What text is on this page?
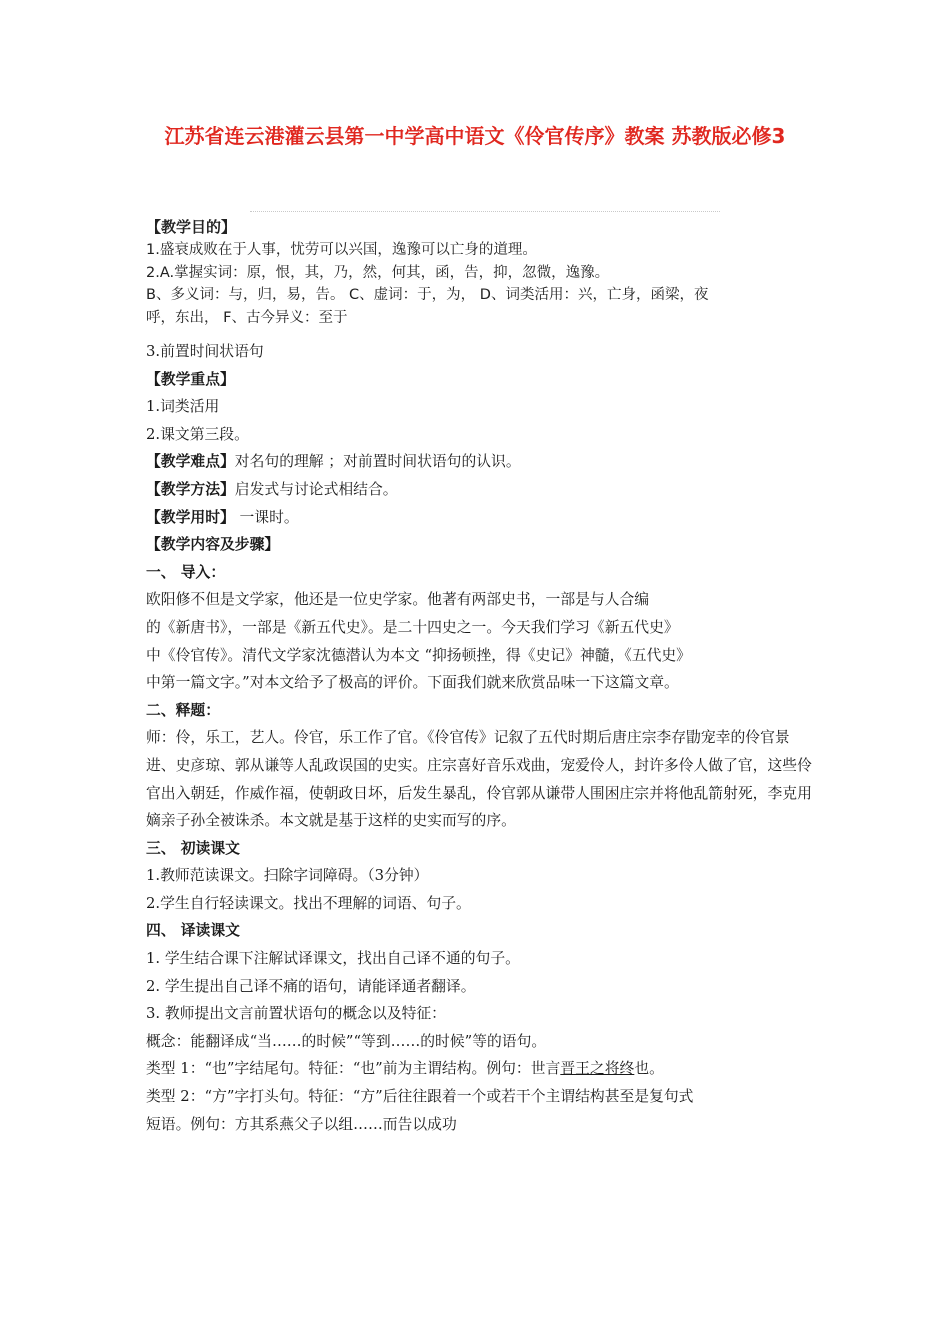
江苏省连云港灌云县第一中学高中语文《伶官传序》教案 苏教版必修3
【教学目的】
1.盛衰成败在于人事，忧劳可以兴国，逸豫可以亡身的道理。
2.A.掌握实词：原，恨，其，乃，然，何其，函，告，抑，忽微，逸豫。
B、多义词：与，归，易，告。 C、虚词：于，为， D、词类活用：兴，亡身，函梁，夜
呼，东出， F、古今异义：至于

3.前置时间状语句

【教学重点】

1.词类活用

2.课文第三段。

【教学难点】对名句的理解 ；对前置时间状语句的认识。

【教学方法】启发式与讨论式相结合。

【教学用时】 一课时。

【教学内容及步骤】

一、 导入：

欧阳修不但是文学家，他还是一位史学家。他著有两部史书，一部是与人合编

的《新唐书》，一部是《新五代史》。是二十四史之一。今天我们学习《新五代史》

中《伶官传》。清代文学家沈德潜认为本文 “抑扬顿挫，得《史记》神髓，《五代史》

中第一篇文字。”对本文给予了极高的评价。下面我们就来欣赏品味一下这篇文章。

二、释题：

师：伶，乐工，艺人。伶官，乐工作了官。《伶官传》记叙了五代时期后唐庄宗李存勖宠幸的伶官景进、史彦琼、郭从谦等人乱政误国的史实。庄宗喜好音乐戏曲，宠爱伶人，封许多伶人做了官，这些伶官出入朝廷，作威作福，使朝政日坏，后发生暴乱，伶官郭从谦带人围困庄宗并将他乱箭射死，李克用嫡亲子孙全被诛杀。本文就是基于这样的史实而写的序。

三、 初读课文

1.教师范读课文。扫除字词障碍。（3分钟）

2.学生自行轻读课文。找出不理解的词语、句子。

四、 译读课文

1. 学生结合课下注解试译课文，找出自己译不通的句子。

2. 学生提出自己译不痛的语句，请能译通者翻译。

3. 教师提出文言前置状语句的概念以及特征：

概念：能翻译成“当……的时候”“等到……的时候”等的语句。

类型 1：“也”字结尾句。特征：“也”前为主谓结构。例句：世言晋王之将终也。

类型 2：“方”字打头句。特征：“方”后往往跟着一个或若干个主谓结构甚至是复句式

短语。例句：方其系燕父子以组……而告以成功
